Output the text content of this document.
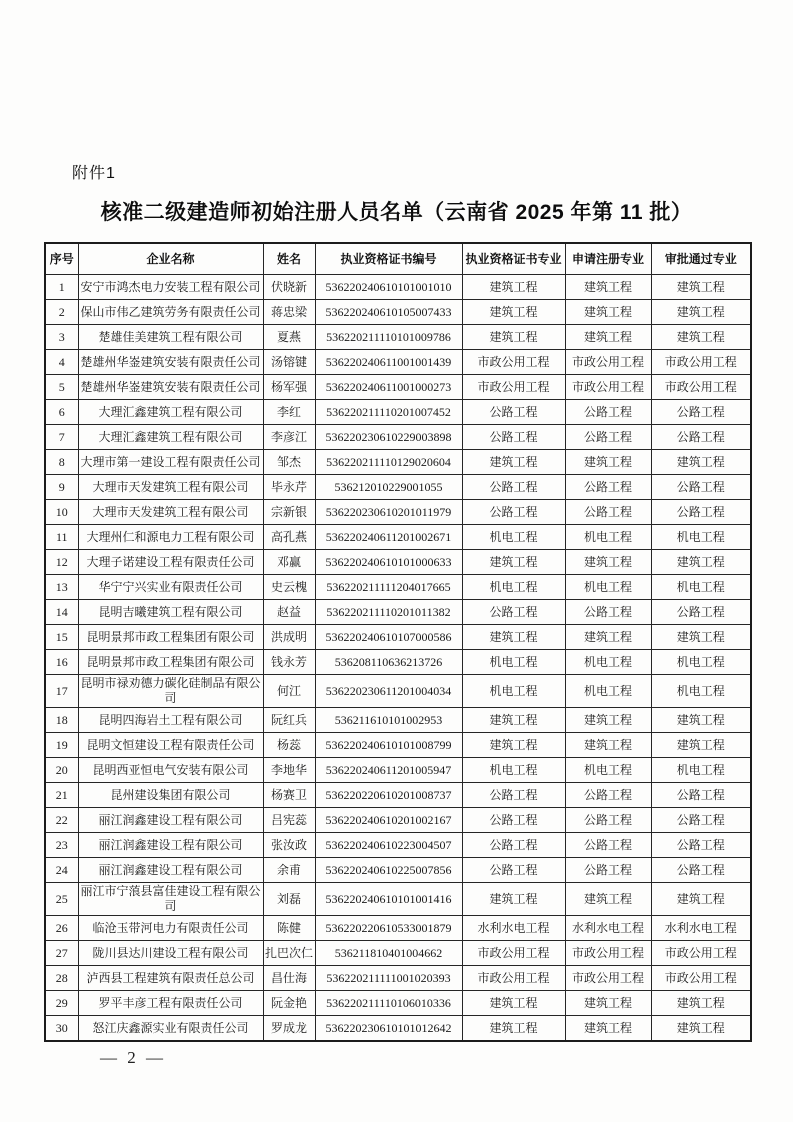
附件1
核准二级建造师初始注册人员名单（云南省 2025 年第 11 批）
序号	企业名称	姓名	执业资格证书编号	执业资格证书专业	申请注册专业	审批通过专业
1	安宁市鸿杰电力安装工程有限公司	伏晓新	536220240610101001010	建筑工程	建筑工程	建筑工程
2	保山市伟乙建筑劳务有限责任公司	蒋忠梁	536220240610105007433	建筑工程	建筑工程	建筑工程
3	楚雄佳美建筑工程有限公司	夏燕	536220211110101009786	建筑工程	建筑工程	建筑工程
4	楚雄州华崟建筑安装有限责任公司	汤镕键	536220240611001001439	市政公用工程	市政公用工程	市政公用工程
5	楚雄州华崟建筑安装有限责任公司	杨军强	536220240611001000273	市政公用工程	市政公用工程	市政公用工程
6	大理汇鑫建筑工程有限公司	李红	536220211110201007452	公路工程	公路工程	公路工程
7	大理汇鑫建筑工程有限公司	李彦江	536220230610229003898	公路工程	公路工程	公路工程
8	大理市第一建设工程有限责任公司	邹杰	536220211110129020604	建筑工程	建筑工程	建筑工程
9	大理市天发建筑工程有限公司	毕永芹	536212010229001055	公路工程	公路工程	公路工程
10	大理市天发建筑工程有限公司	宗新银	536220230610201011979	公路工程	公路工程	公路工程
11	大理州仁和源电力工程有限公司	高孔燕	536220240611201002671	机电工程	机电工程	机电工程
12	大理子诺建设工程有限责任公司	邓赢	536220240610101000633	建筑工程	建筑工程	建筑工程
13	华宁宁兴实业有限责任公司	史云槐	536220211111204017665	机电工程	机电工程	机电工程
14	昆明吉曦建筑工程有限公司	赵益	536220211110201011382	公路工程	公路工程	公路工程
15	昆明景邦市政工程集团有限公司	洪成明	536220240610107000586	建筑工程	建筑工程	建筑工程
16	昆明景邦市政工程集团有限公司	钱永芳	536208110636213726	机电工程	机电工程	机电工程
17	昆明市禄劝德力碳化硅制品有限公司	何江	536220230611201004034	机电工程	机电工程	机电工程
18	昆明四海岩土工程有限公司	阮红兵	536211610101002953	建筑工程	建筑工程	建筑工程
19	昆明文恒建设工程有限责任公司	杨蕊	536220240610101008799	建筑工程	建筑工程	建筑工程
20	昆明西亚恒电气安装有限公司	李地华	536220240611201005947	机电工程	机电工程	机电工程
21	昆州建设集团有限公司	杨赛卫	536220220610201008737	公路工程	公路工程	公路工程
22	丽江润鑫建设工程有限公司	吕宪蕊	536220240610201002167	公路工程	公路工程	公路工程
23	丽江润鑫建设工程有限公司	张汝政	536220240610223004507	公路工程	公路工程	公路工程
24	丽江润鑫建设工程有限公司	余甫	536220240610225007856	公路工程	公路工程	公路工程
25	丽江市宁蒗县富佳建设工程有限公司	刘磊	536220240610101001416	建筑工程	建筑工程	建筑工程
26	临沧玉带河电力有限责任公司	陈健	536220220610533001879	水利水电工程	水利水电工程	水利水电工程
27	陇川县达川建设工程有限公司	扎巴次仁	536211810401004662	市政公用工程	市政公用工程	市政公用工程
28	泸西县工程建筑有限责任总公司	昌仕海	536220211111001020393	市政公用工程	市政公用工程	市政公用工程
29	罗平丰彦工程有限责任公司	阮金艳	536220211110106010336	建筑工程	建筑工程	建筑工程
30	怒江庆鑫源实业有限责任公司	罗成龙	536220230610101012642	建筑工程	建筑工程	建筑工程
— 2 —
